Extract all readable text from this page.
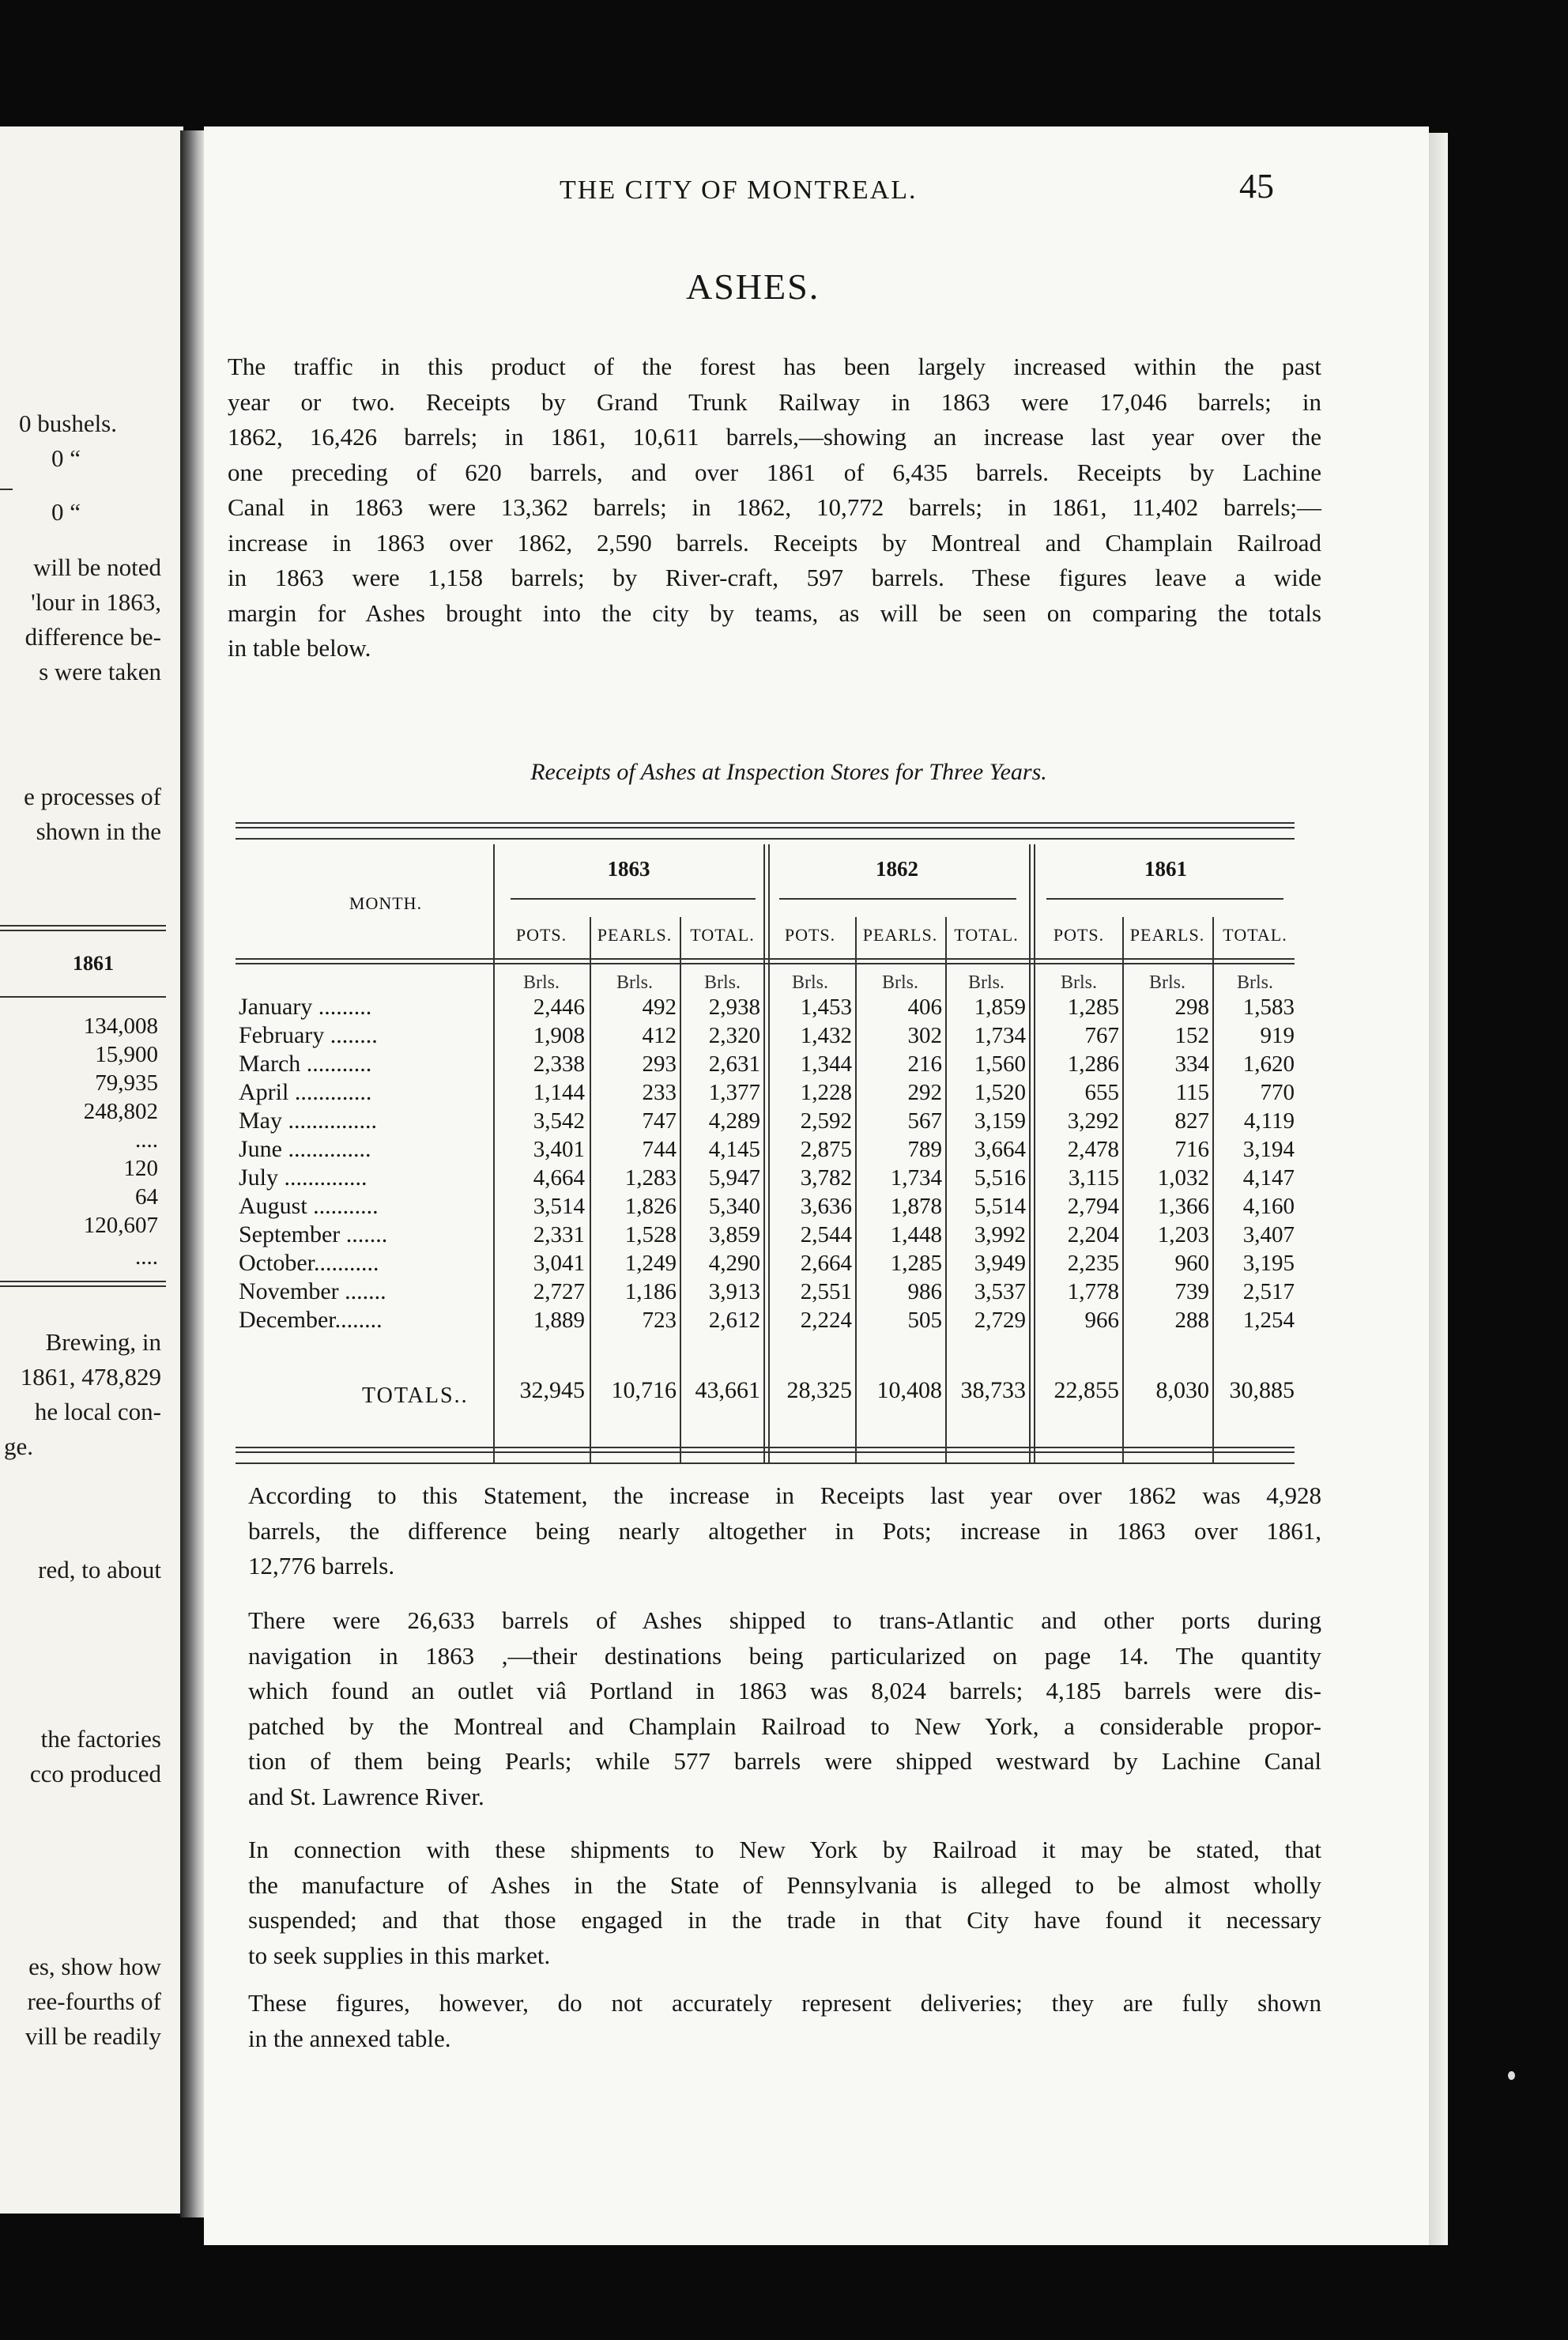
0 bushels.
0 “
0 “
will be noted
'lour in 1863,
difference be-
s were taken
e processes of
shown in the
1861
134,008
15,900
79,935
248,802
....
120
64
120,607
....
Brewing, in
1861, 478,829
he local con-
ge.
red, to about
the factories
cco produced
es, show how
ree-fourths of
vill be readily
THE CITY OF MONTREAL.	45
ASHES.
The traffic in this product of the forest has been largely increased within the past
year or two. Receipts by Grand Trunk Railway in 1863 were 17,046 barrels; in
1862, 16,426 barrels; in 1861, 10,611 barrels,—showing an increase last year over the
one preceding of 620 barrels, and over 1861 of 6,435 barrels. Receipts by Lachine
Canal in 1863 were 13,362 barrels; in 1862, 10,772 barrels; in 1861, 11,402 barrels;—
increase in 1863 over 1862, 2,590 barrels. Receipts by Montreal and Champlain Railroad
in 1863 were 1,158 barrels; by River-craft, 597 barrels. These figures leave a wide
margin for Ashes brought into the city by teams, as will be seen on comparing the totals
in table below.
Receipts of Ashes at Inspection Stores for Three Years.
MONTH.
1863	1862	1861
POTS.	PEARLS.	TOTAL.	POTS.	PEARLS. TOTAL.	POTS.	PEARLS.	TOTAL.
Brls.	Brls.	Brls.	Brls.	Brls.	Brls.	Brls.	Brls.	Brls.
January .........	2,446	492	2,938	1,453	406	1,859	1,285	298	1,583
February ........	1,908	412	2,320	1,432	302	1,734	767	152	919
March ...........	2,338	293	2,631	1,344	216	1,560	1,286	334	1,620
April .............	1,144	233	1,377	1,228	292	1,520	655	115	770
May ...............	3,542	747	4,289	2,592	567	3,159	3,292	827	4,119
June ..............	3,401	744	4,145	2,875	789	3,664	2,478	716	3,194
July ..............	4,664	1,283	5,947	3,782	1,734	5,516	3,115	1,032	4,147
August ...........	3,514	1,826	5,340	3,636	1,878	5,514	2,794	1,366	4,160
September .......	2,331	1,528	3,859	2,544	1,448	3,992	2,204	1,203	3,407
October...........	3,041	1,249	4,290	2,664	1,285	3,949	2,235	960	3,195
November .......	2,727	1,186	3,913	2,551	986	3,537	1,778	739	2,517
December........	1,889	723	2,612	2,224	505	2,729	966	288	1,254
TOTALS..	32,945	10,716 43,661	28,325	10,408 38,733	22,855	8,030 30,885
According to this Statement, the increase in Receipts last year over 1862 was 4,928
barrels, the difference being nearly altogether in Pots; increase in 1863 over 1861,
12,776 barrels.
There were 26,633 barrels of Ashes shipped to trans-Atlantic and other ports during
navigation in 1863 ,—their destinations being particularized on page 14. The quantity
which found an outlet viâ Portland in 1863 was 8,024 barrels; 4,185 barrels were dis-
patched by the Montreal and Champlain Railroad to New York, a considerable propor-
tion of them being Pearls; while 577 barrels were shipped westward by Lachine Canal
and St. Lawrence River.
In connection with these shipments to New York by Railroad it may be stated, that
the manufacture of Ashes in the State of Pennsylvania is alleged to be almost wholly
suspended; and that those engaged in the trade in that City have found it necessary
to seek supplies in this market.
These figures, however, do not accurately represent deliveries; they are fully shown
in the annexed table.
